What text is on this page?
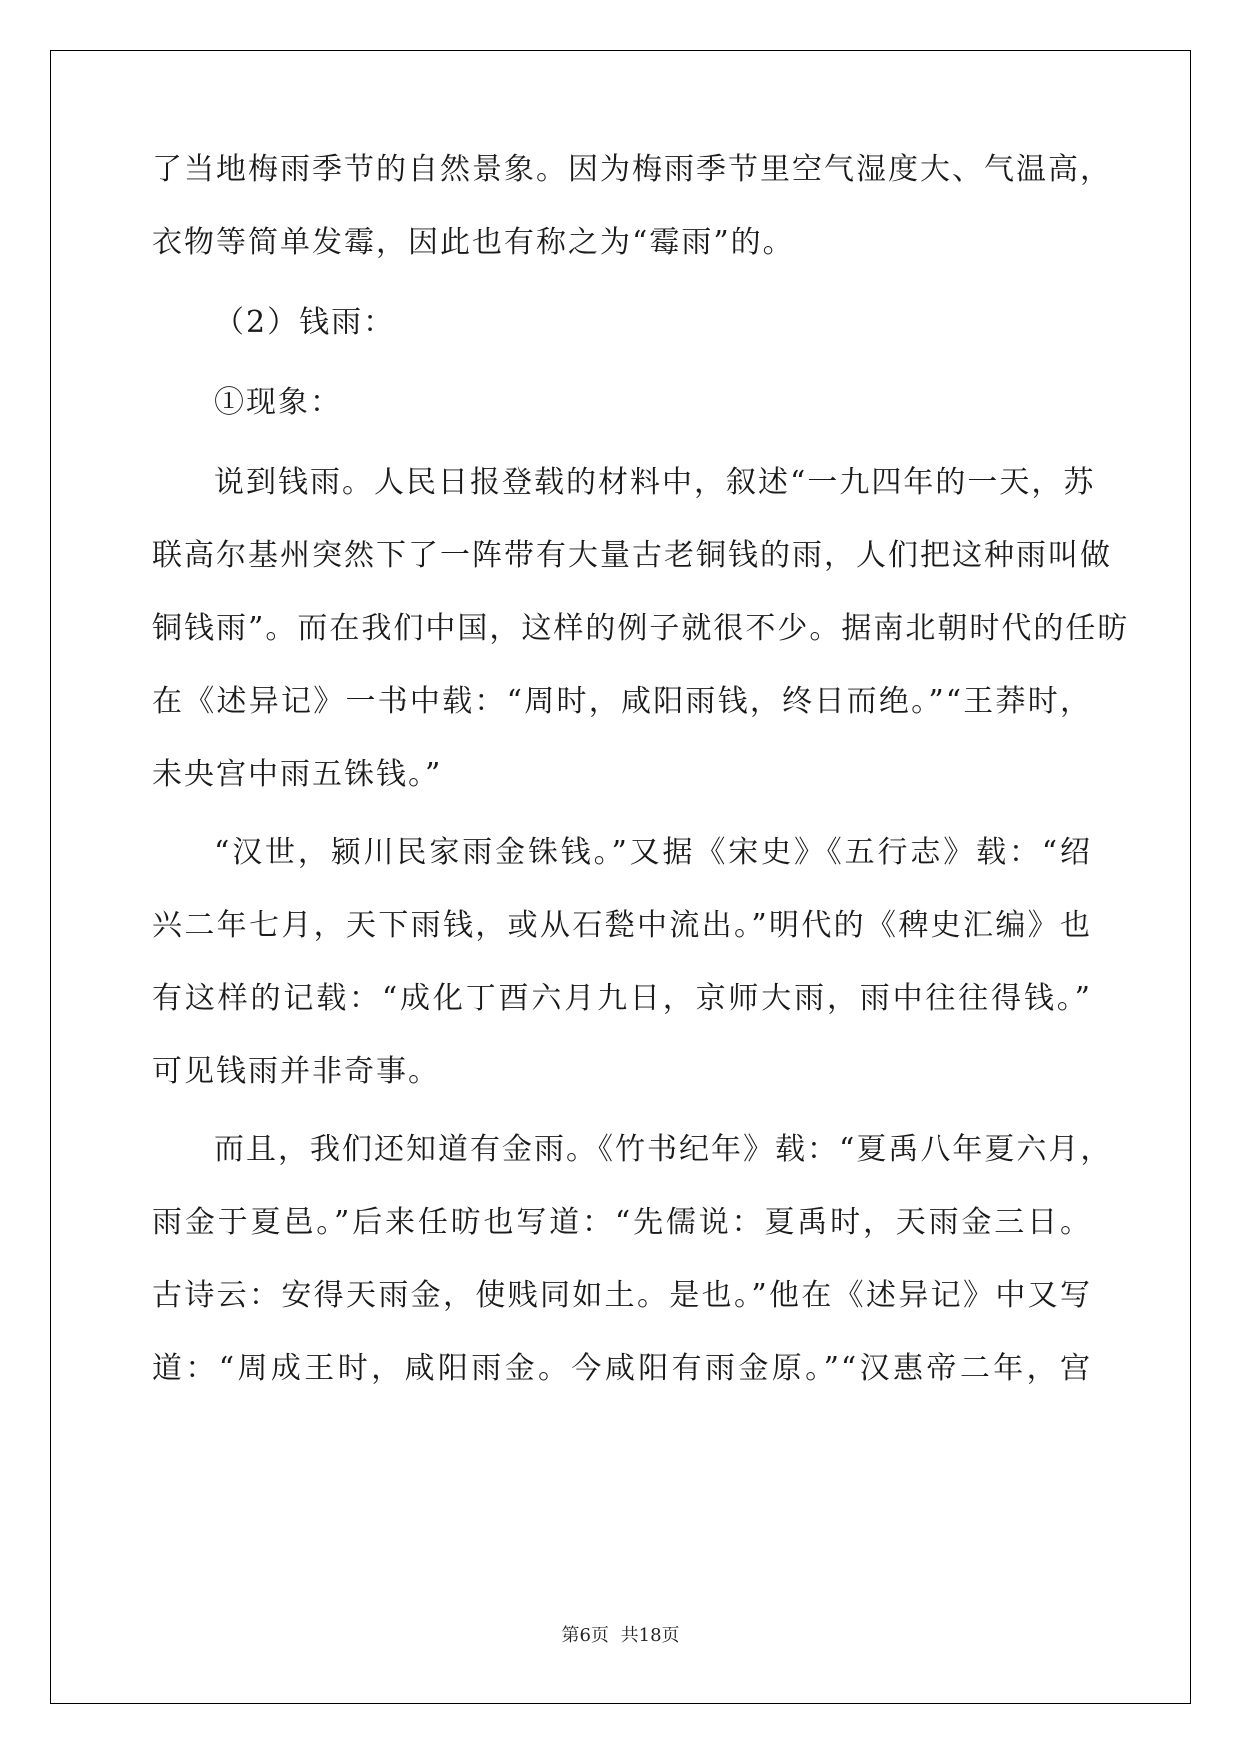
了当地梅雨季节的自然景象。因为梅雨季节里空气湿度大、气温高，
衣物等简单发霉，因此也有称之为“霉雨”的。
（2）钱雨：
①现象：
说到钱雨。人民日报登载的材料中，叙述“一九四年的一天，苏
联高尔基州突然下了一阵带有大量古老铜钱的雨，人们把这种雨叫做
铜钱雨”。而在我们中国，这样的例子就很不少。据南北朝时代的任昉
在《述异记》一书中载：“周时，咸阳雨钱，终日而绝。”“王莽时，
未央宫中雨五铢钱。”
“汉世，颍川民家雨金铢钱。”又据《宋史》《五行志》载：“绍
兴二年七月，天下雨钱，或从石甃中流出。”明代的《稗史汇编》也
有这样的记载：“成化丁酉六月九日，京师大雨，雨中往往得钱。”
可见钱雨并非奇事。
而且，我们还知道有金雨。《竹书纪年》载：“夏禹八年夏六月，
雨金于夏邑。”后来任昉也写道：“先儒说：夏禹时，天雨金三日。
古诗云：安得天雨金，使贱同如土。是也。”他在《述异记》中又写
道：“周成王时，咸阳雨金。今咸阳有雨金原。”“汉惠帝二年，宫
第6页 共18页
